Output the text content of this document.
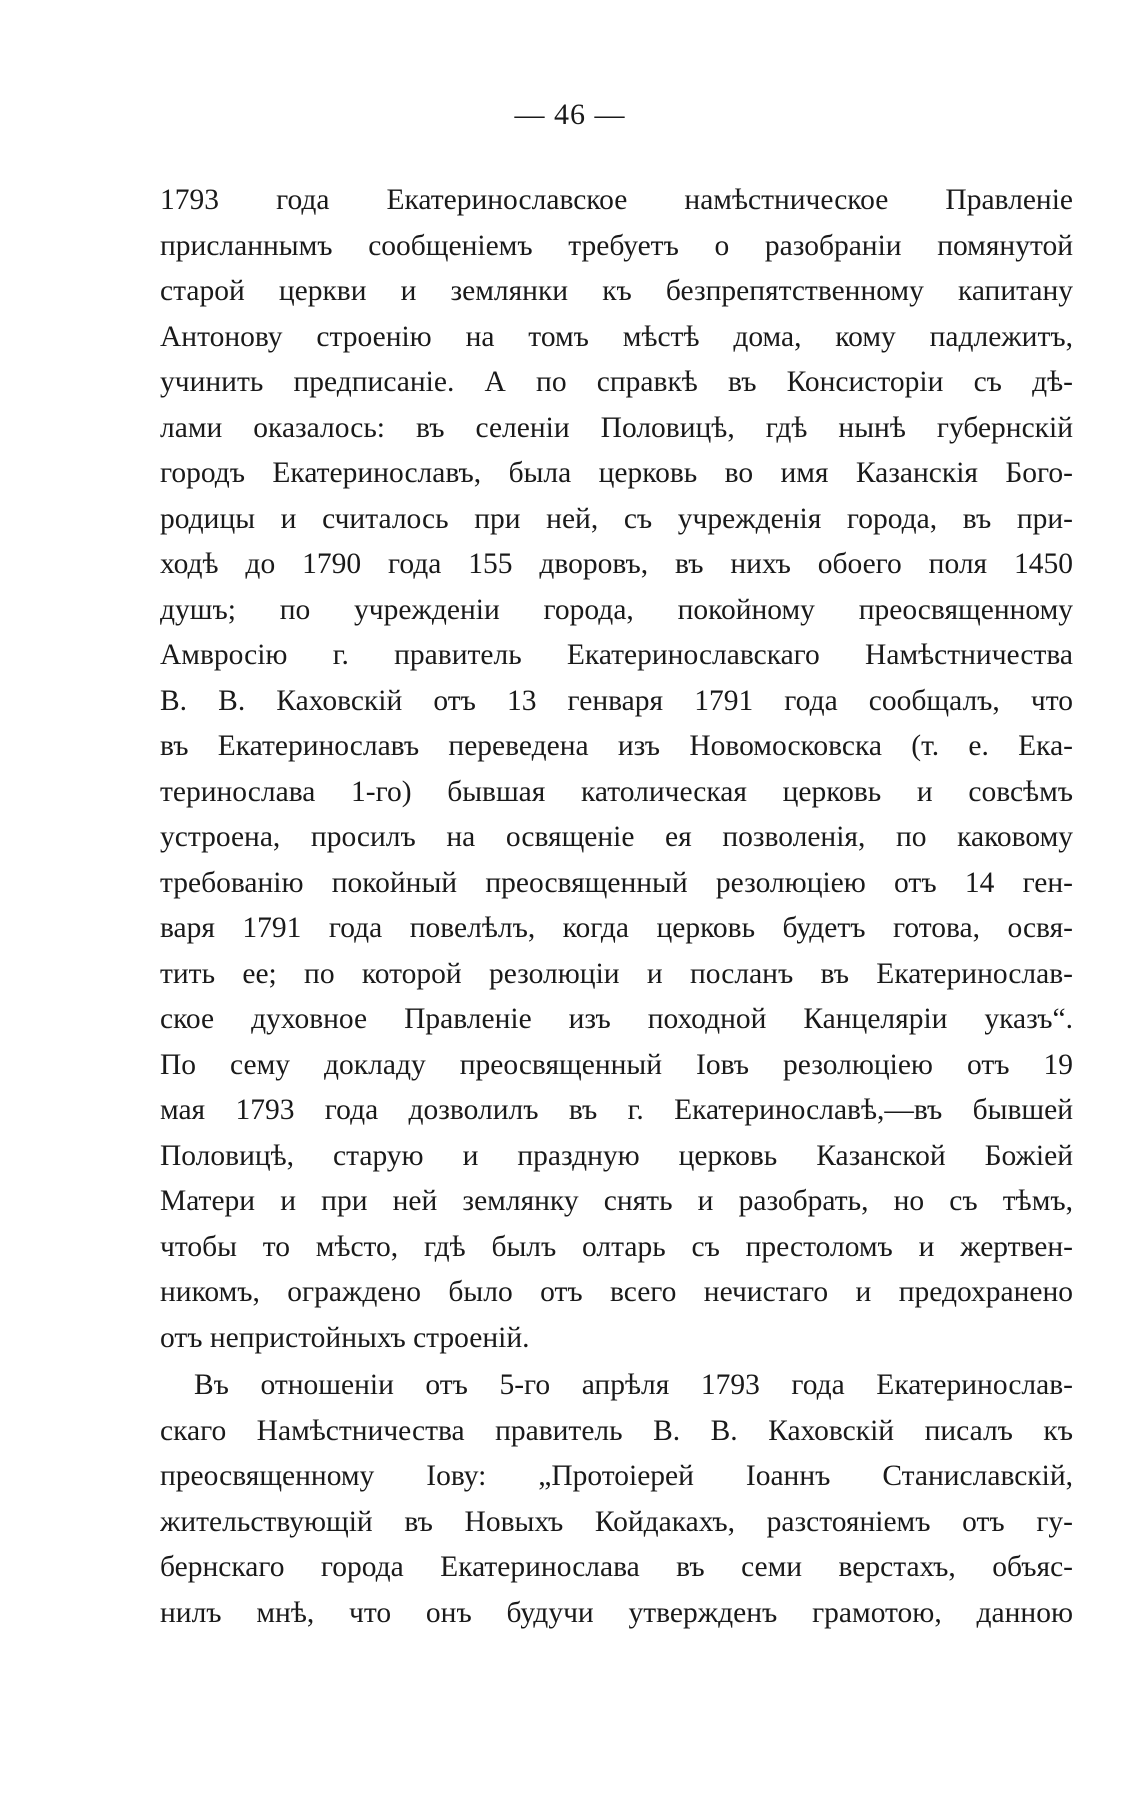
— 46 —
1793 года Екатеринославское намѣстническое Правленіе
присланнымъ сообщеніемъ требуетъ о разобраніи помянутой
старой церкви и землянки къ безпрепятственному капитану
Антонову строенію на томъ мѣстѣ дома, кому падлежитъ,
учинить предписаніе. А по справкѣ въ Консисторіи съ дѣ-
лами оказалось: въ селеніи Половицѣ, гдѣ нынѣ губернскій
городъ Екатеринославъ, была церковь во имя Казанскія Бого-
родицы и считалось при ней, съ учрежденія города, въ при-
ходѣ до 1790 года 155 дворовъ, въ нихъ обоего поля 1450
душъ; по учрежденіи города, покойному преосвященному
Амвросію г. правитель Екатеринославскаго Намѣстничества
В. В. Каховскій отъ 13 генваря 1791 года сообщалъ, что
въ Екатеринославъ переведена изъ Новомосковска (т. е. Ека-
теринослава 1-го) бывшая католическая церковь и совсѣмъ
устроена, просилъ на освященіе ея позволенія, по каковому
требованію покойный преосвященный резолюціею отъ 14 ген-
варя 1791 года повелѣлъ, когда церковь будетъ готова, освя-
тить ее; по которой резолюціи и посланъ въ Екатеринослав-
ское духовное Правленіе изъ походной Канцеляріи указъ“.
По сему докладу преосвященный Іовъ резолюціею отъ 19
мая 1793 года дозволилъ въ г. Екатеринославѣ,—въ бывшей
Половицѣ, старую и праздную церковь Казанской Божіей
Матери и при ней землянку снять и разобрать, но съ тѣмъ,
чтобы то мѣсто, гдѣ былъ олтарь съ престоломъ и жертвен-
никомъ, ограждено было отъ всего нечистаго и предохранено
отъ непристойныхъ строеній.
Въ отношеніи отъ 5-го апрѣля 1793 года Екатеринослав-
скаго Намѣстничества правитель В. В. Каховскій писалъ къ
преосвященному Іову: „Протоіерей Іоаннъ Станиславскій,
жительствующій въ Новыхъ Койдакахъ, разстояніемъ отъ гу-
бернскаго города Екатеринослава въ семи верстахъ, объяс-
нилъ мнѣ, что онъ будучи утвержденъ грамотою, данною
